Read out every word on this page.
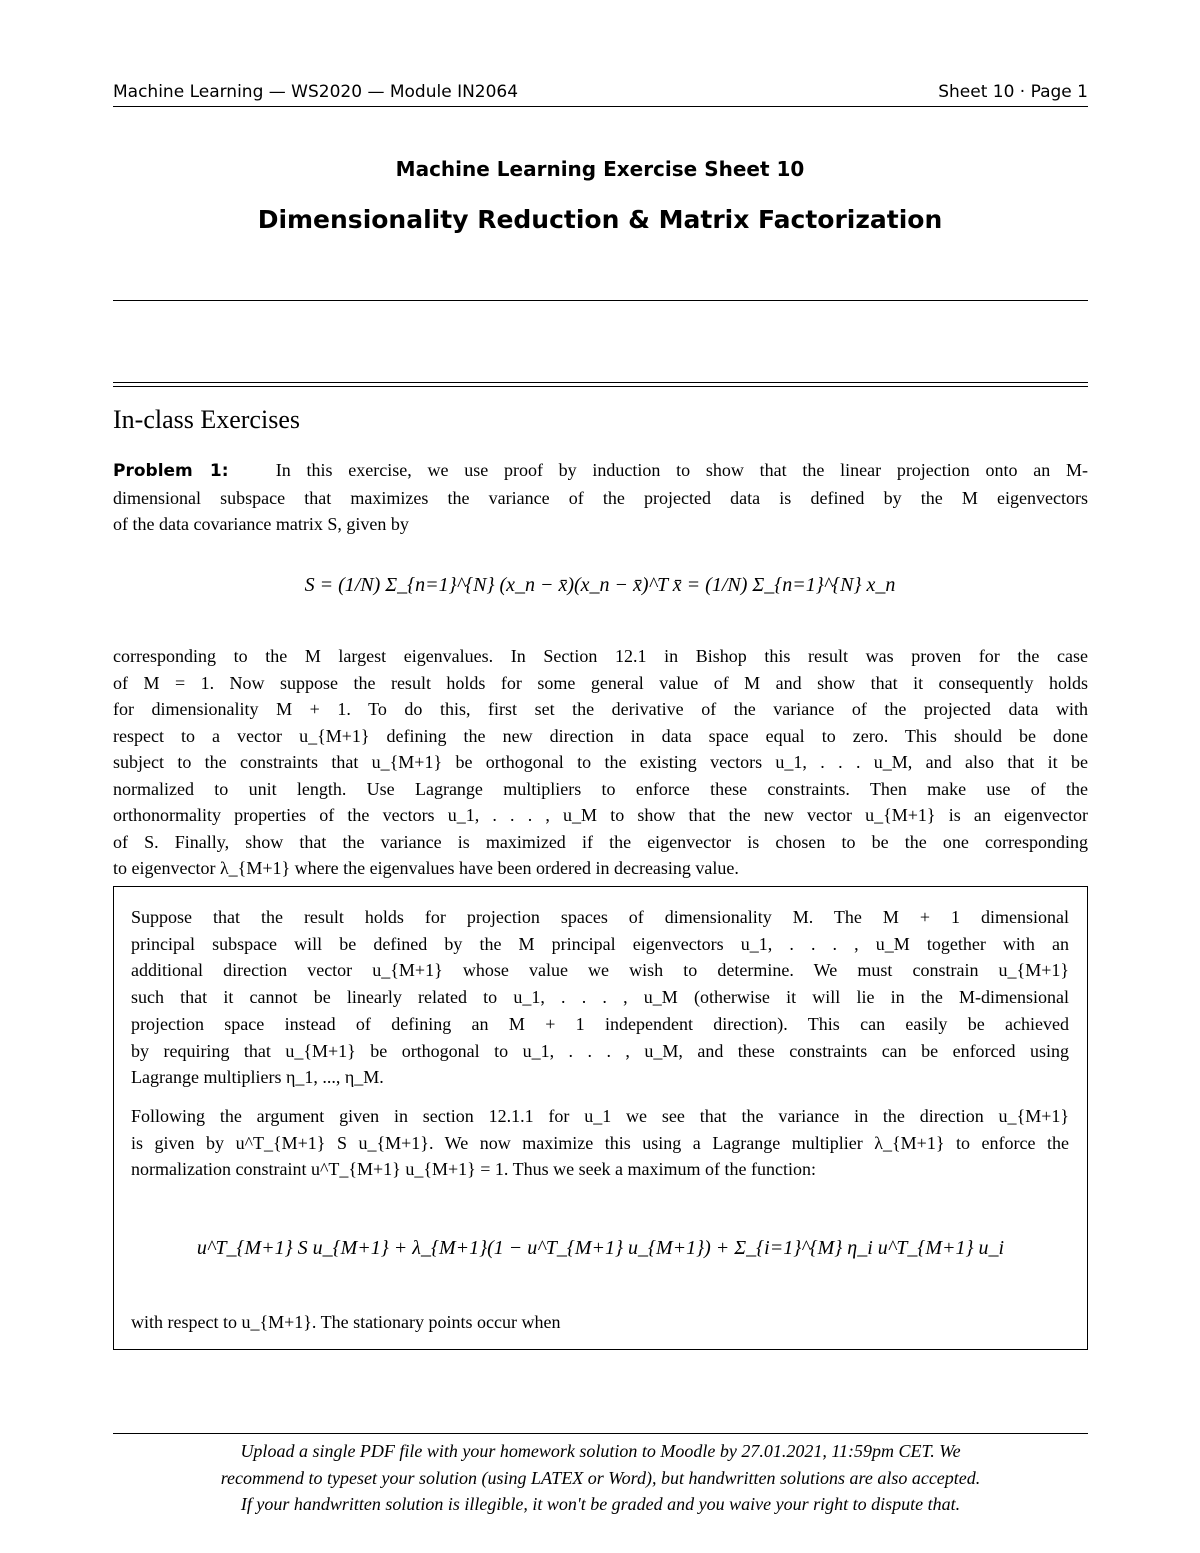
Machine Learning — WS2020 — Module IN2064	Sheet 10 · Page 1
Machine Learning Exercise Sheet 10
Dimensionality Reduction & Matrix Factorization
In-class Exercises
Problem 1:	In this exercise, we use proof by induction to show that the linear projection onto an M-
dimensional subspace that maximizes the variance of the projected data is defined by the M eigenvectors
of the data covariance matrix S, given by
S = (1/N) Σ_{n=1}^{N} (x_n − x̄)(x_n − x̄)^T x̄ = (1/N) Σ_{n=1}^{N} x_n
corresponding to the M largest eigenvalues. In Section 12.1 in Bishop this result was proven for the case
of M = 1. Now suppose the result holds for some general value of M and show that it consequently holds
for dimensionality M + 1. To do this, first set the derivative of the variance of the projected data with
respect to a vector u_{M+1} defining the new direction in data space equal to zero. This should be done
subject to the constraints that u_{M+1} be orthogonal to the existing vectors u_1, . . . u_M, and also that it be
normalized to unit length. Use Lagrange multipliers to enforce these constraints. Then make use of the
orthonormality properties of the vectors u_1, . . . , u_M to show that the new vector u_{M+1} is an eigenvector
of S. Finally, show that the variance is maximized if the eigenvector is chosen to be the one corresponding
to eigenvector λ_{M+1} where the eigenvalues have been ordered in decreasing value.
Suppose that the result holds for projection spaces of dimensionality M. The M + 1 dimensional
principal subspace will be defined by the M principal eigenvectors u_1, . . . , u_M together with an
additional direction vector u_{M+1} whose value we wish to determine. We must constrain u_{M+1}
such that it cannot be linearly related to u_1, . . . , u_M (otherwise it will lie in the M-dimensional
projection space instead of defining an M + 1 independent direction). This can easily be achieved
by requiring that u_{M+1} be orthogonal to u_1, . . . , u_M, and these constraints can be enforced using
Lagrange multipliers η_1, ..., η_M.
Following the argument given in section 12.1.1 for u_1 we see that the variance in the direction u_{M+1}
is given by u^T_{M+1} S u_{M+1}. We now maximize this using a Lagrange multiplier λ_{M+1} to enforce the
normalization constraint u^T_{M+1} u_{M+1} = 1. Thus we seek a maximum of the function:
u^T_{M+1} S u_{M+1} + λ_{M+1}(1 − u^T_{M+1} u_{M+1}) + Σ_{i=1}^{M} η_i u^T_{M+1} u_i
with respect to u_{M+1}. The stationary points occur when
Upload a single PDF file with your homework solution to Moodle by 27.01.2021, 11:59pm CET. We
recommend to typeset your solution (using LATEX or Word), but handwritten solutions are also accepted.
If your handwritten solution is illegible, it won't be graded and you waive your right to dispute that.
